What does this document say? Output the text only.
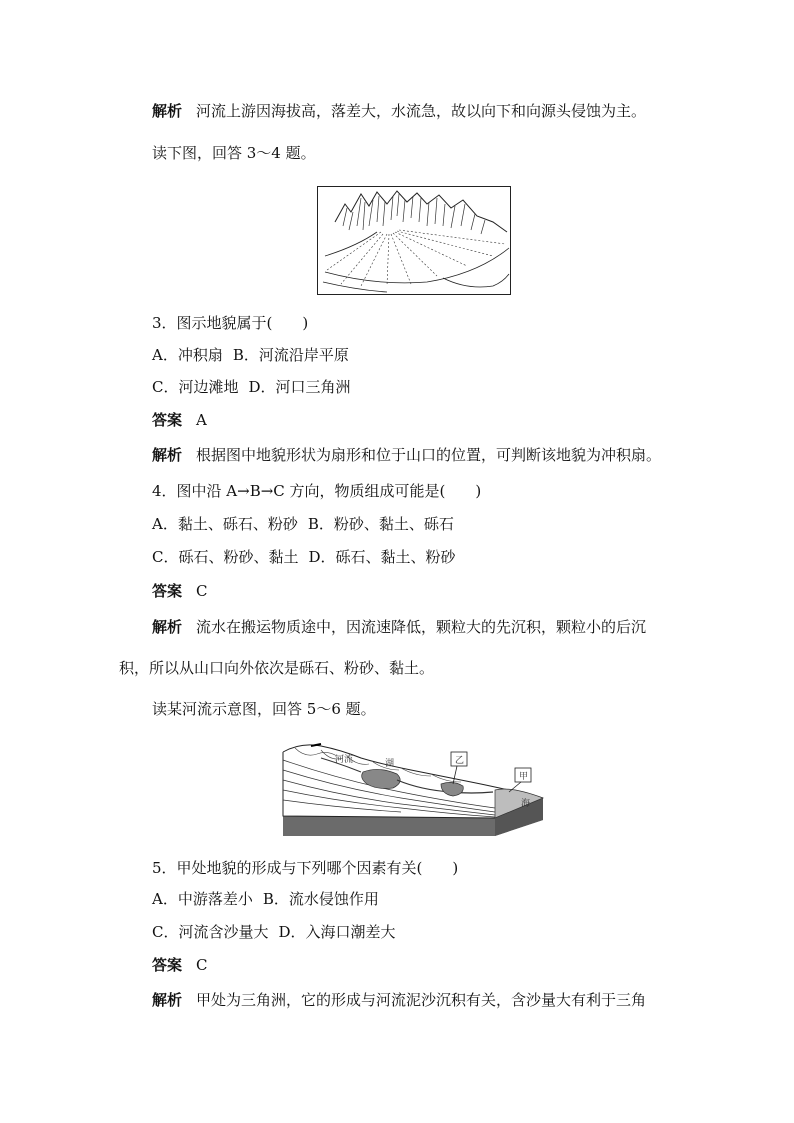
解析 河流上游因海拔高，落差大，水流急，故以向下和向源头侵蚀为主。
读下图，回答 3～4 题。
3．图示地貌属于(　　)
A．冲积扇 B．河流沿岸平原
C．河边滩地 D．河口三角洲
答案 A
解析 根据图中地貌形状为扇形和位于山口的位置，可判断该地貌为冲积扇。
4．图中沿 A→B→C 方向，物质组成可能是(　　)
A．黏土、砾石、粉砂 B．粉砂、黏土、砾石
C．砾石、粉砂、黏土 D．砾石、黏土、粉砂
答案 C
解析 流水在搬运物质途中，因流速降低，颗粒大的先沉积，颗粒小的后沉
积，所以从山口向外依次是砾石、粉砂、黏土。
读某河流示意图，回答 5～6 题。
乙
甲
湖
河流
海
5．甲处地貌的形成与下列哪个因素有关(　　)
A．中游落差小 B．流水侵蚀作用
C．河流含沙量大 D．入海口潮差大
答案 C
解析 甲处为三角洲，它的形成与河流泥沙沉积有关，含沙量大有利于三角
